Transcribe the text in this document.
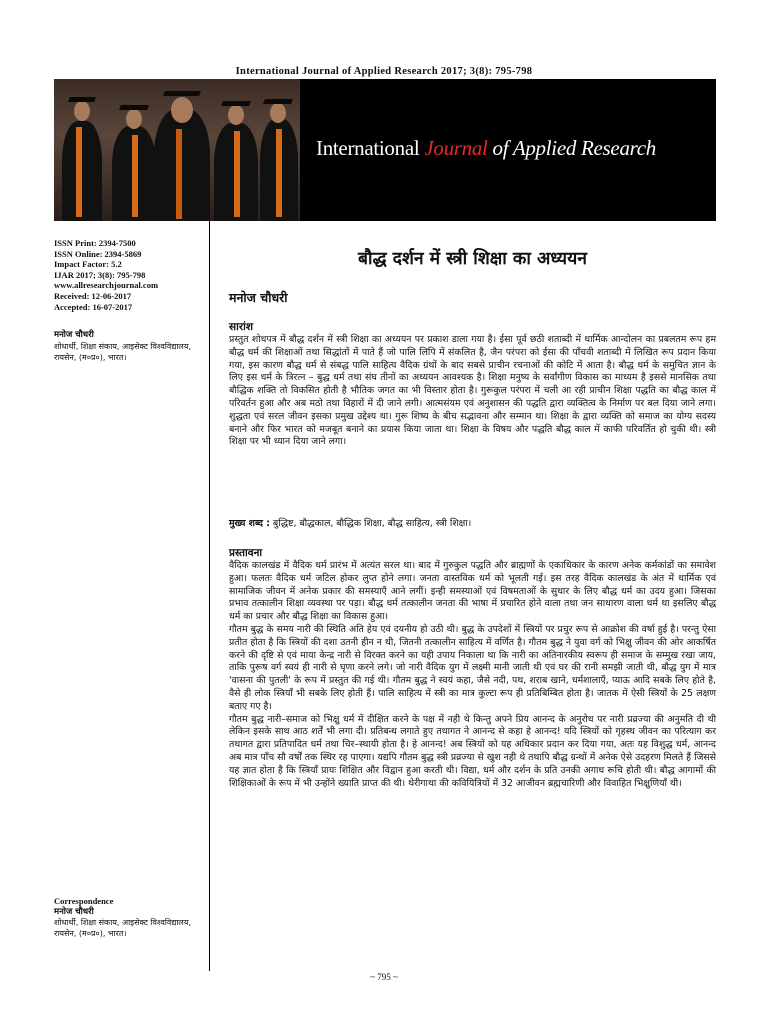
International Journal of Applied Research 2017; 3(8): 795-798
International Journal of Applied Research
ISSN Print: 2394-7500
ISSN Online: 2394-5869
Impact Factor: 5.2
IJAR 2017; 3(8): 795-798
www.allresearchjournal.com
Received: 12-06-2017
Accepted: 16-07-2017
मनोज चौधरी
शोधार्थी, शिक्षा संकाय, आइसेक्ट विश्वविद्यालय, रायसेन, (म०प्र०), भारत।
Correspondence
मनोज चौधरी
शोधार्थी, शिक्षा संकाय, आइसेक्ट विश्वविद्यालय, रायसेन, (म०प्र०), भारत।
बौद्ध दर्शन में स्त्री शिक्षा का अध्ययन
मनोज चौधरी
सारांश
प्रस्तुत शोधपत्र में बौद्ध दर्शन में स्त्री शिक्षा का अध्ययन पर प्रकाश डाला गया है। ईसा पूर्व छठी शताब्दी में धार्मिक आन्दोलन का प्रबलतम रूप हम बौद्ध धर्म की शिक्षाओं तथा सिद्धांतों में पाते हैं जो पालि लिपि में संकलित है, जैन परंपरा को ईसा की पाँचवी शताब्दी में लिखित रूप प्रदान किया गया, इस कारण बौद्ध धर्म से संबद्ध पालि साहित्य वैदिक ग्रंथों के बाद सबसे प्राचीन रचनाओं की कोटि में आता है। बौद्ध धर्म के समुचित ज्ञान के लिए इस धर्म के त्रिरत्न – बुद्ध धर्म तथा संघ तीनों का अध्ययन आवश्यक है। शिक्षा मनुष्य के सर्वांगीण विकास का माध्यम है इससे मानसिक तथा बौद्धिक शक्ति तो विकसित होती है भौतिक जगत का भी विस्तार होता है। गुरूकुल परंपरा में चली आ रही प्राचीन शिक्षा पद्धति का बौद्ध काल में परिवर्तन हुआ और अब मठो तथा विहारों में दी जाने लगी। आत्मसंयम एवं अनुशासन की पद्धति द्वारा व्यक्तित्व के निर्माण पर बल दिया जाने लगा। शुद्धता एवं सरल जीवन इसका प्रमुख उद्देश्य था। गुरू शिष्य के बीच सद्भावना और सम्मान था। शिक्षा के द्वारा व्यक्ति को समाज का योग्य सदस्य बनाने और फिर भारत को मजबूत बनाने का प्रयास किया जाता था। शिक्षा के विषय और पद्धति बौद्ध काल में काफी परिवर्तित हो चुकी थी। स्त्री शिक्षा पर भी ध्यान दिया जाने लगा।
मुख्य शब्द : बुद्धिष्ट, बौद्धकाल, बौद्धिक शिक्षा, बौद्ध साहित्य, स्त्री शिक्षा।
प्रस्तावना
वैदिक कालखंड में वैदिक धर्म प्रारंभ में अत्यंत सरल था। बाद में गुरुकुल पद्धति और ब्राह्मणों के एकाधिकार के कारण अनेक कर्मकांडों का समावेश हुआ। फलतः वैदिक धर्म जटिल होकर लुप्त होने लगा। जनता वास्तविक धर्म को भूलती गई। इस तरह वैदिक कालखंड के अंत में धार्मिक एवं सामाजिक जीवन में अनेक प्रकार की समस्याएँ आने लगीं। इन्ही समस्याओं एवं विषमताओं के सुधार के लिए बौद्ध धर्म का उदय हुआ। जिसका प्रभाव तत्कालीन शिक्षा व्यवस्था पर पड़ा। बौद्ध धर्म तत्कालीन जनता की भाषा में प्रचारित होने वाला तथा जन साधारण वाला धर्म था इसलिए बौद्ध धर्म का प्रचार और बौद्ध शिक्षा का विकास हुआ।
गौतम बुद्ध के समय नारी की स्थिति अति हेय एवं दयनीय हो उठी थी। बुद्ध के उपदेशों में स्त्रियों पर प्रचुर रूप से आक्रोश की वर्षा हुई है। परन्तु ऐसा प्रतीत होता है कि स्त्रियों की दशा उतनी हीन न थी, जितनी तत्कालीन साहित्य में वर्णित है। गौतम बुद्ध ने युवा वर्ग को भिक्षु जीवन की ओर आकर्षित करने की दृष्टि से एवं माया केन्द्र नारी से विरक्त करने का यही उपाय निकाला था कि नारी का अतिनारकीय स्वरूप ही समाज के सम्मुख रखा जाय, ताकि पुरूष वर्ग स्वयं ही नारी से घृणा करने लगे। जो नारी वैदिक युग में लक्ष्मी मानी जाती थी एवं घर की रानी समझी जाती थी, बौद्ध युग में मात्र 'वासना की पुतली' के रूप में प्रस्तुत की गई थी। गौतम बुद्ध ने स्वयं कहा, जैसे नदी, पथ, शराब खाने, धर्मशालाएँ, प्याऊ आदि सबके लिए होते है, वैसे ही लोक स्त्रियाँ भी सबके लिए होती हैं। पालि साहित्य में स्त्री का मात्र कुल्टा रूप ही प्रतिबिम्बित होता है। जातक में ऐसी स्त्रियों के 25 लक्षण बताए गए है।
गौतम बुद्ध नारी–समाज को भिक्षु धर्म में दीक्षित करने के पक्ष में नही थे किन्तु अपने प्रिय आनन्द के अनुरोध पर नारी प्रव्रज्या की अनुमति दी थी लेकिन इसके साथ आठ शर्तें भी लगा दी। प्रतिबन्ध लगाते हुए तथागत ने आनन्द से कहा हे आनन्द! यदि स्त्रियों को गृहस्थ जीवन का परित्याग कर तथागत द्वारा प्रतिपादित धर्म तथा चिर–स्थायी होता है। हे आनन्द! अब स्त्रियों को यह अधिकार प्रदान कर दिया गया, अतः यह विशुद्ध धर्म, आनन्द अब मात्र पाँच सौ वर्षों तक स्थिर रह पाएगा। यद्यपि गौतम बुद्ध स्त्री प्रव्रज्या से खुश नही थे तथापि बौद्ध ग्रन्थों में अनेक ऐसे उदहरण मिलते हैं जिससे यह ज्ञात होता है कि स्त्रियाँ प्रायः शिक्षित और विद्वान हुआ करती थी। विद्या, धर्म और दर्शन के प्रति उनकी अगाध रूचि होती थी। बौद्ध आगामों की शिक्षिकाओं के रूप में भी उन्होंने ख्याति प्राप्त की थी। थेरीगाथा की कवियित्रियों में 32 आजीवन ब्रह्मचारिणी और विवाहित भिक्षुणियाँ थी।
~ 795 ~
